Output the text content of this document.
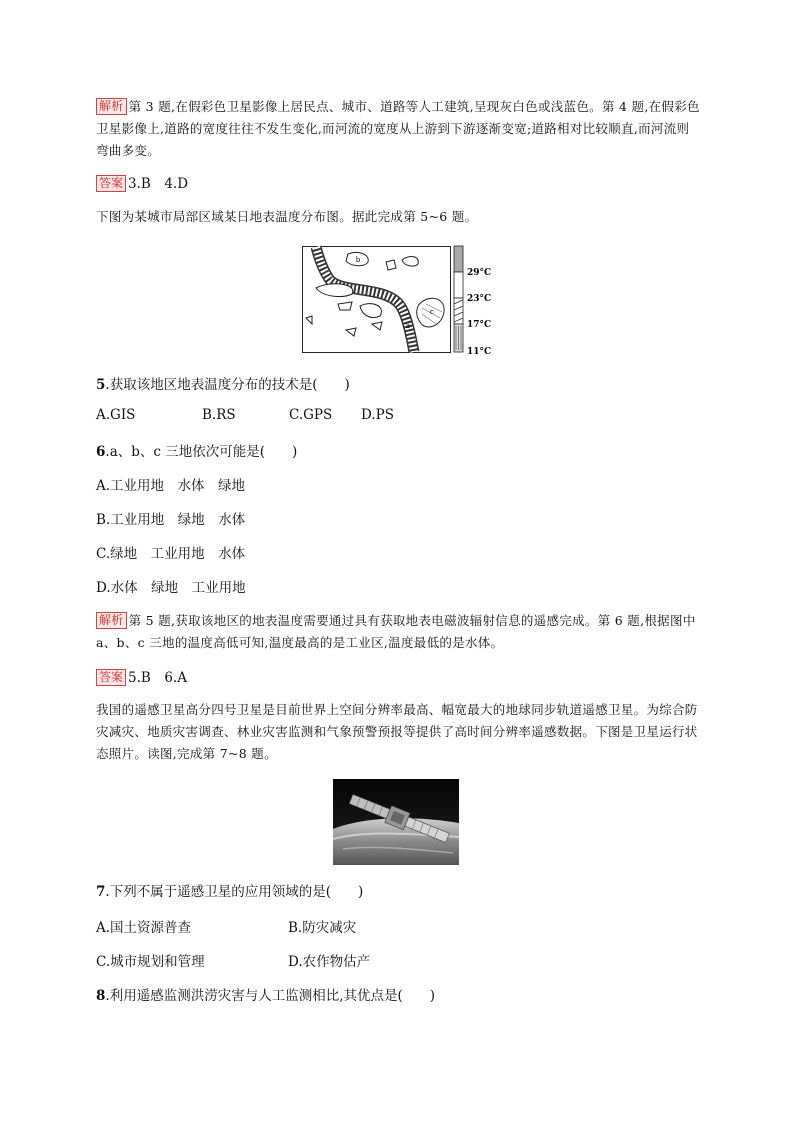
解析 第 3 题,在假彩色卫星影像上居民点、城市、道路等人工建筑,呈现灰白色或浅蓝色。第 4 题,在假彩色卫星影像上,道路的宽度往往不发生变化,而河流的宽度从上游到下游逐渐变宽;道路相对比较顺直,而河流则弯曲多变。
答案 3.B　4.D
下图为某城市局部区域某日地表温度分布图。据此完成第 5~6 题。
b
a
c
29°C
23°C
17°C
11°C
5.获取该地区地表温度分布的技术是(　　)
A.GIS	B.RS	C.GPS D.PS
6.a、b、c 三地依次可能是(　　)
A.工业用地　水体　绿地
B.工业用地　绿地　水体
C.绿地　工业用地　水体
D.水体　绿地　工业用地
解析 第 5 题,获取该地区的地表温度需要通过具有获取地表电磁波辐射信息的遥感完成。第 6 题,根据图中 a、b、c 三地的温度高低可知,温度最高的是工业区,温度最低的是水体。
答案 5.B　6.A
我国的遥感卫星高分四号卫星是目前世界上空间分辨率最高、幅宽最大的地球同步轨道遥感卫星。为综合防灾减灾、地质灾害调查、林业灾害监测和气象预警预报等提供了高时间分辨率遥感数据。下图是卫星运行状态照片。读图,完成第 7~8 题。
7.下列不属于遥感卫星的应用领域的是(　　)
A.国土资源普查	B.防灾减灾
C.城市规划和管理	D.农作物估产
8.利用遥感监测洪涝灾害与人工监测相比,其优点是(　　)
